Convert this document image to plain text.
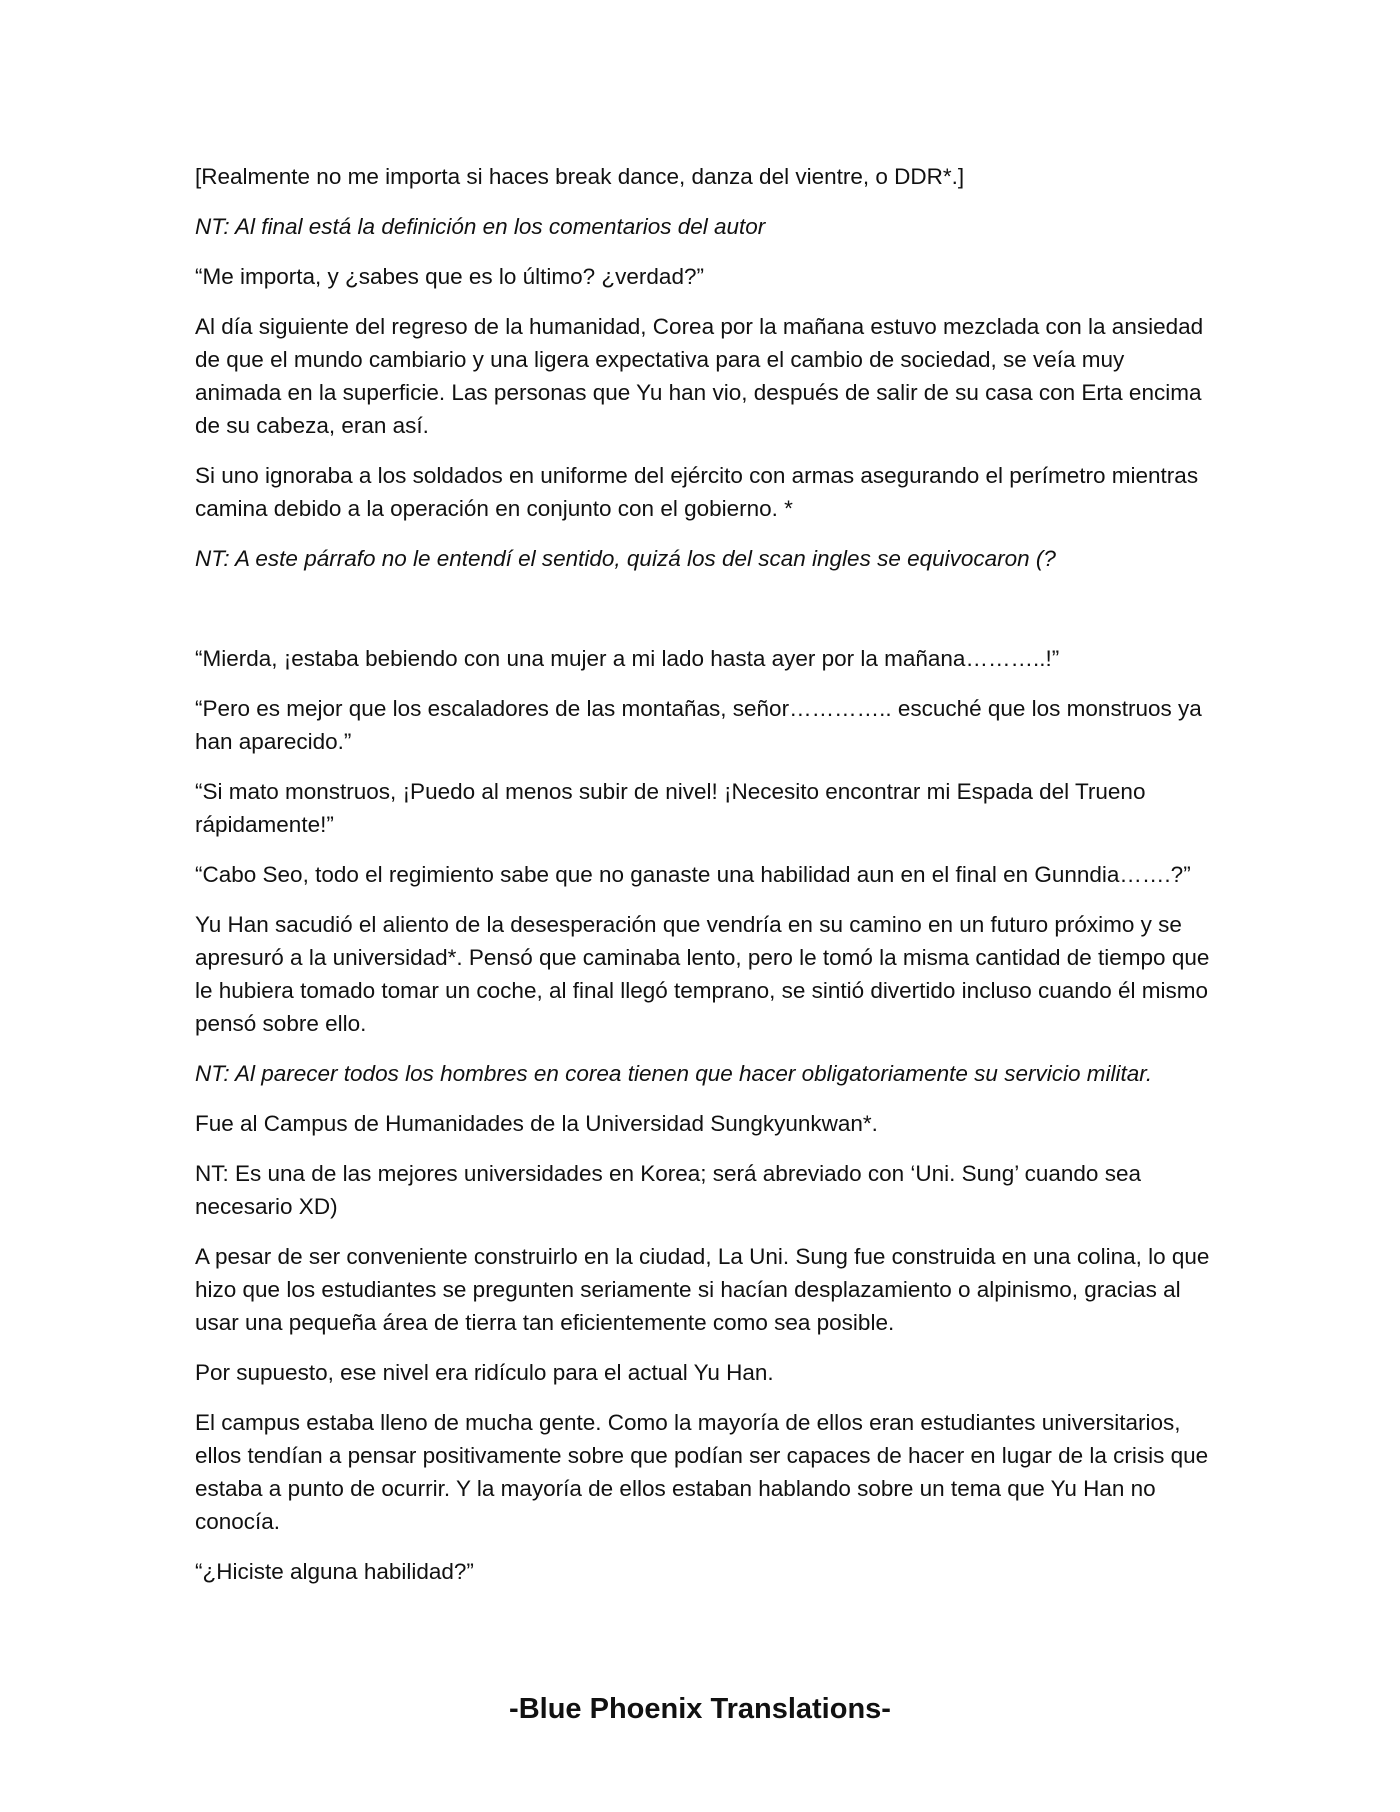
[Realmente no me importa si haces break dance, danza del vientre, o DDR*.]

NT: Al final está la definición en los comentarios del autor

“Me importa, y ¿sabes que es lo último? ¿verdad?”

Al día siguiente del regreso de la humanidad, Corea por la mañana estuvo mezclada con la ansiedad de que el mundo cambiario y una ligera expectativa para el cambio de sociedad, se veía muy animada en la superficie. Las personas que Yu han vio, después de salir de su casa con Erta encima de su cabeza, eran así.

Si uno ignoraba a los soldados en uniforme del ejército con armas asegurando el perímetro mientras camina debido a la operación en conjunto con el gobierno. *

NT: A este párrafo no le entendí el sentido, quizá los del scan ingles se equivocaron (?

“Mierda, ¡estaba bebiendo con una mujer a mi lado hasta ayer por la mañana………..!”

“Pero es mejor que los escaladores de las montañas, señor………….. escuché que los monstruos ya han aparecido.”

“Si mato monstruos, ¡Puedo al menos subir de nivel! ¡Necesito encontrar mi Espada del Trueno rápidamente!”

“Cabo Seo, todo el regimiento sabe que no ganaste una habilidad aun en el final en Gunndia…….?”

Yu Han sacudió el aliento de la desesperación que vendría en su camino en un futuro próximo y se apresuró a la universidad*. Pensó que caminaba lento, pero le tomó la misma cantidad de tiempo que le hubiera tomado tomar un coche, al final llegó temprano, se sintió divertido incluso cuando él mismo pensó sobre ello.

NT: Al parecer todos los hombres en corea tienen que hacer obligatoriamente su servicio militar.

Fue al Campus de Humanidades de la Universidad Sungkyunkwan*.

NT: Es una de las mejores universidades en Korea; será abreviado con ‘Uni. Sung’ cuando sea necesario XD)

A pesar de ser conveniente construirlo en la ciudad, La Uni. Sung fue construida en una colina, lo que hizo que los estudiantes se pregunten seriamente si hacían desplazamiento o alpinismo, gracias al usar una pequeña área de tierra tan eficientemente como sea posible.

Por supuesto, ese nivel era ridículo para el actual Yu Han.

El campus estaba lleno de mucha gente. Como la mayoría de ellos eran estudiantes universitarios, ellos tendían a pensar positivamente sobre que podían ser capaces de hacer en lugar de la crisis que estaba a punto de ocurrir. Y la mayoría de ellos estaban hablando sobre un tema que Yu Han no conocía.

“¿Hiciste alguna habilidad?”

-Blue Phoenix Translations-
